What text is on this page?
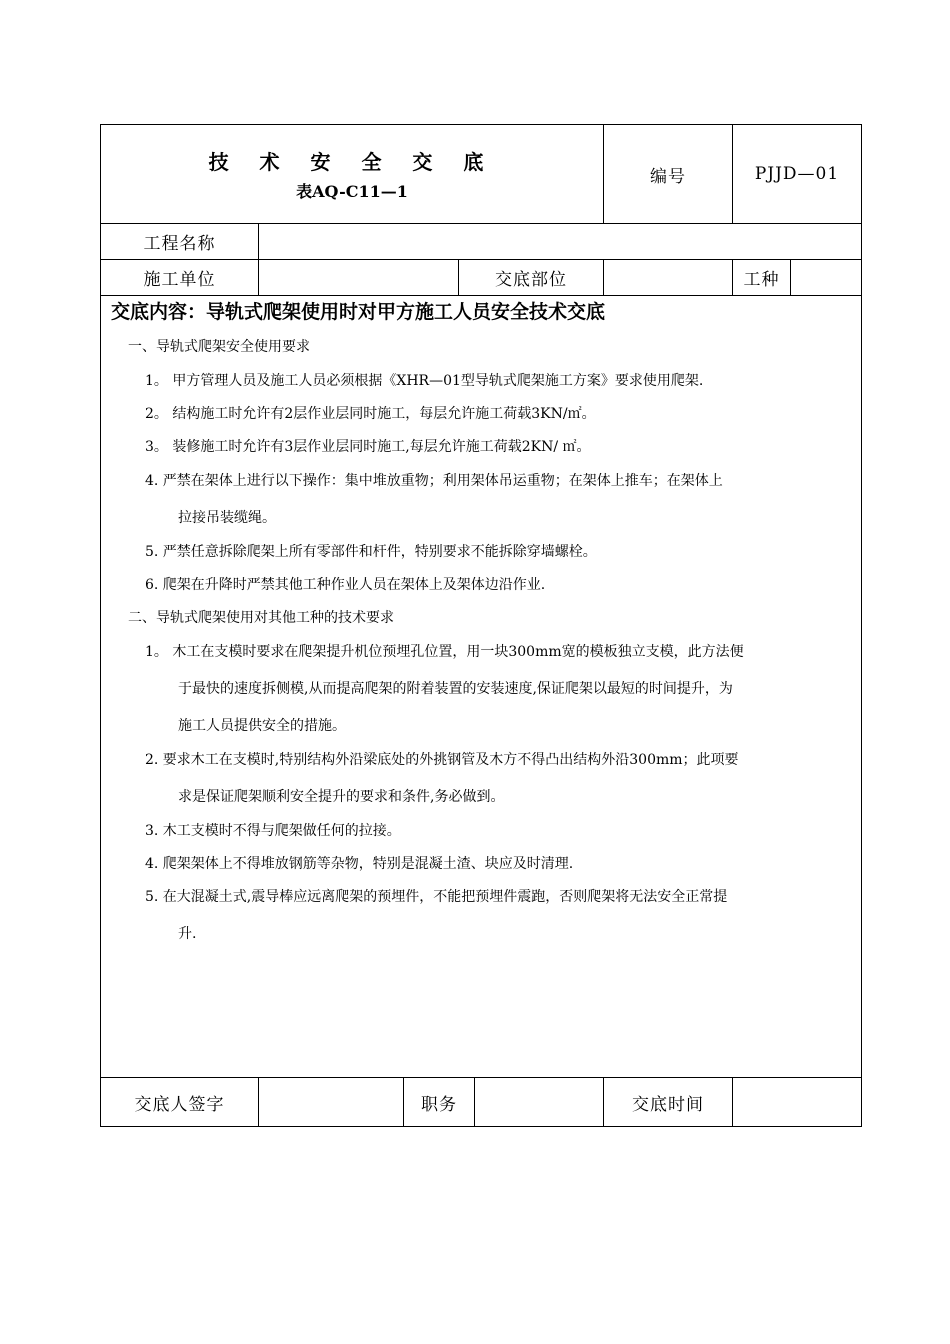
技 术 安 全 交 底
表AQ-C11—1
编号	PJJD—01
工程名称
施工单位	交底部位	工种
交底内容：导轨式爬架使用时对甲方施工人员安全技术交底
一、导轨式爬架安全使用要求
1。 甲方管理人员及施工人员必须根据《XHR—01型导轨式爬架施工方案》要求使用爬架.
2。 结构施工时允许有2层作业层同时施工，每层允许施工荷载3KN/㎡。
3。 装修施工时允许有3层作业层同时施工,每层允许施工荷载2KN/ ㎡。
4. 严禁在架体上进行以下操作：集中堆放重物；利用架体吊运重物；在架体上推车；在架体上
拉接吊装缆绳。
5. 严禁任意拆除爬架上所有零部件和杆件，特别要求不能拆除穿墙螺栓。
6. 爬架在升降时严禁其他工种作业人员在架体上及架体边沿作业.
二、导轨式爬架使用对其他工种的技术要求
1。 木工在支模时要求在爬架提升机位预埋孔位置，用一块300mm宽的模板独立支模，此方法便
于最快的速度拆侧模,从而提高爬架的附着装置的安装速度,保证爬架以最短的时间提升，为
施工人员提供安全的措施。
2. 要求木工在支模时,特别结构外沿梁底处的外挑钢管及木方不得凸出结构外沿300mm；此项要
求是保证爬架顺利安全提升的要求和条件,务必做到。
3. 木工支模时不得与爬架做任何的拉接。
4. 爬架架体上不得堆放钢筋等杂物，特别是混凝土渣、块应及时清理.
5. 在大混凝土式,震导棒应远离爬架的预埋件，不能把预埋件震跑，否则爬架将无法安全正常提
升.
交底人签字	职务	交底时间
